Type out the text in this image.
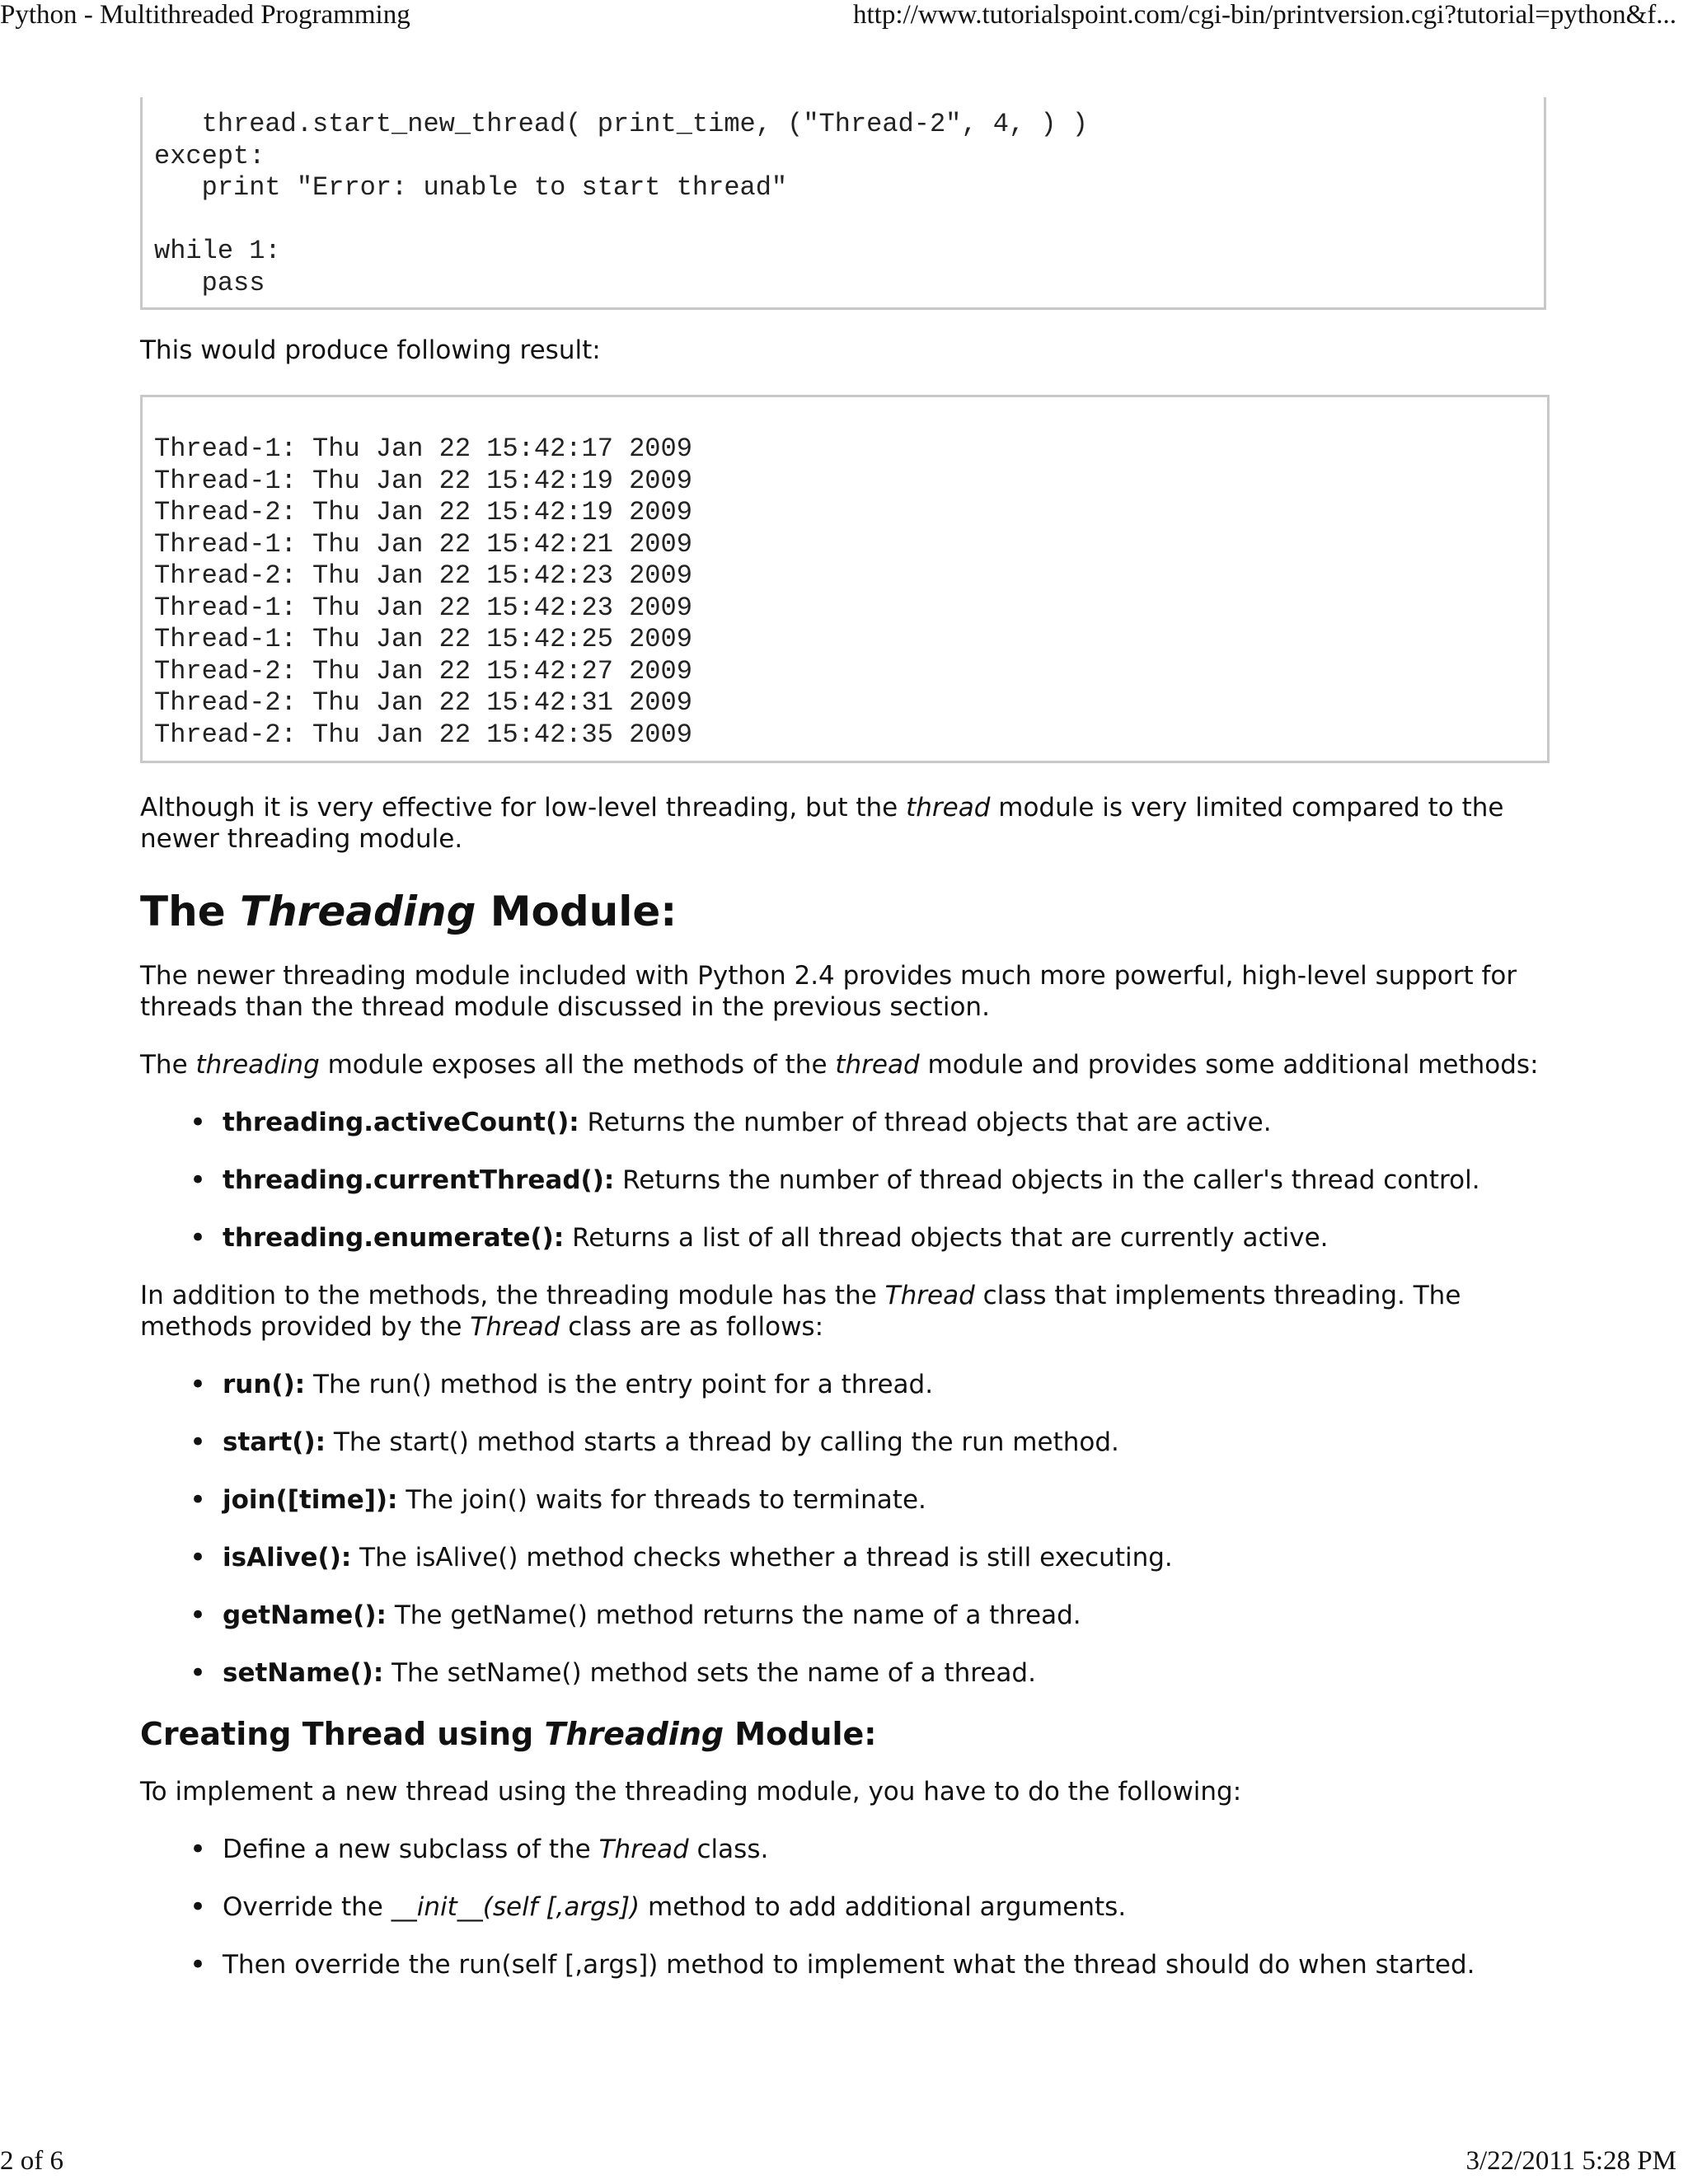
Python - Multithreaded Programming	http://www.tutorialspoint.com/cgi-bin/printversion.cgi?tutorial=python&f...
thread.start_new_thread( print_time, ("Thread-2", 4, ) )
except:
print "Error: unable to start thread"

while 1:
pass

This would produce following result:

Thread-1: Thu Jan 22 15:42:17 2009
Thread-1: Thu Jan 22 15:42:19 2009
Thread-2: Thu Jan 22 15:42:19 2009
Thread-1: Thu Jan 22 15:42:21 2009
Thread-2: Thu Jan 22 15:42:23 2009
Thread-1: Thu Jan 22 15:42:23 2009
Thread-1: Thu Jan 22 15:42:25 2009
Thread-2: Thu Jan 22 15:42:27 2009
Thread-2: Thu Jan 22 15:42:31 2009
Thread-2: Thu Jan 22 15:42:35 2009

Although it is very effective for low-level threading, but the thread module is very limited compared to the newer threading module.

The Threading Module:

The newer threading module included with Python 2.4 provides much more powerful, high-level support for threads than the thread module discussed in the previous section.

The threading module exposes all the methods of the thread module and provides some additional methods:

• threading.activeCount(): Returns the number of thread objects that are active.
• threading.currentThread(): Returns the number of thread objects in the caller's thread control.
• threading.enumerate(): Returns a list of all thread objects that are currently active.

In addition to the methods, the threading module has the Thread class that implements threading. The methods provided by the Thread class are as follows:

• run(): The run() method is the entry point for a thread.
• start(): The start() method starts a thread by calling the run method.
• join([time]): The join() waits for threads to terminate.
• isAlive(): The isAlive() method checks whether a thread is still executing.
• getName(): The getName() method returns the name of a thread.
• setName(): The setName() method sets the name of a thread.
Creating Thread using Threading Module:

To implement a new thread using the threading module, you have to do the following:

• Define a new subclass of the Thread class.
• Override the __init__(self [,args]) method to add additional arguments.
• Then override the run(self [,args]) method to implement what the thread should do when started.
2 of 6	3/22/2011 5:28 PM
